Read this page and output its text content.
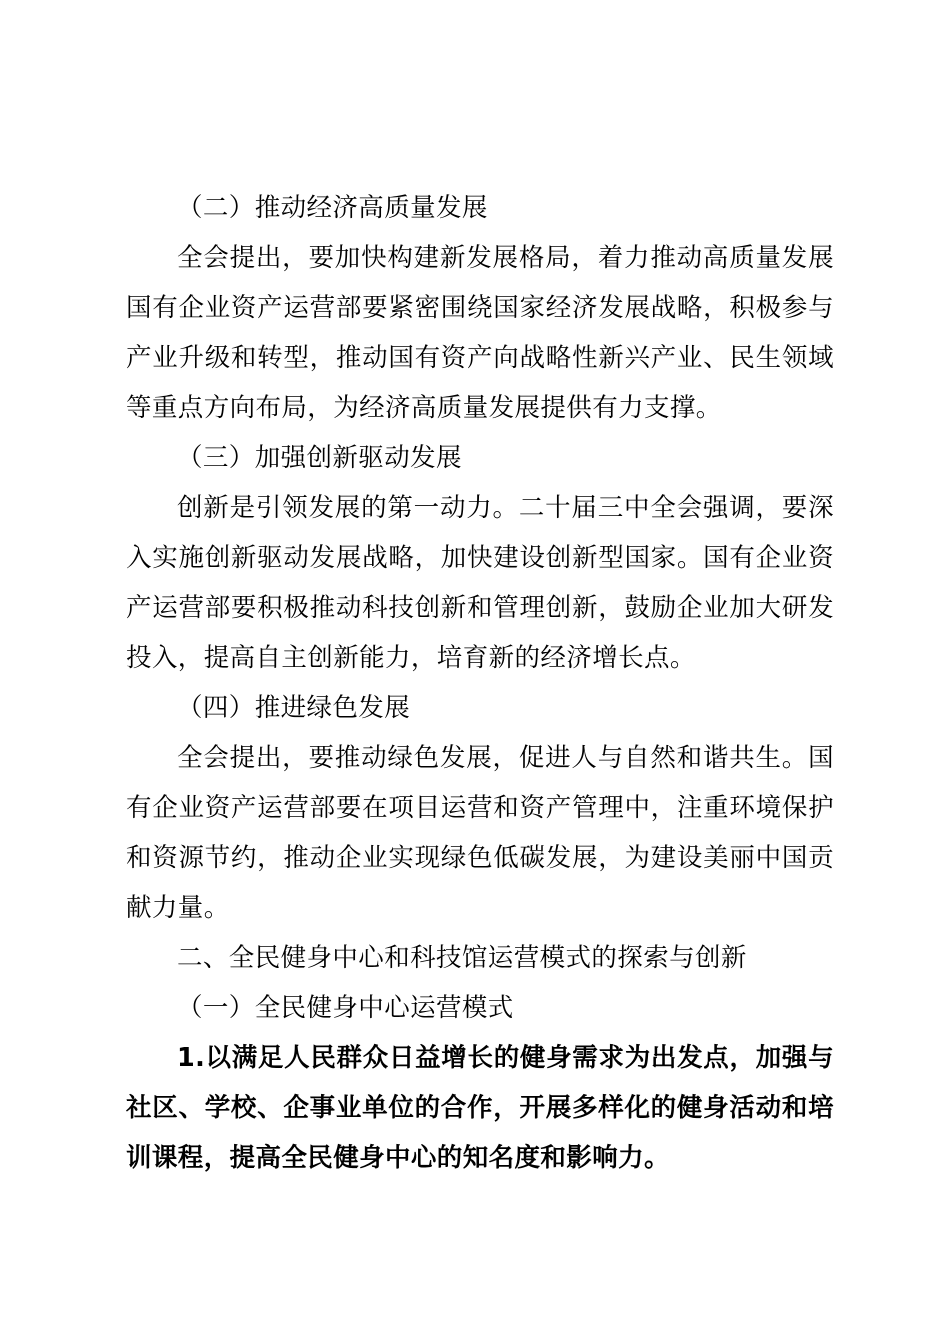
（二）推动经济高质量发展

全会提出，要加快构建新发展格局，着力推动高质量发展国有企业资产运营部要紧密围绕国家经济发展战略，积极参与产业升级和转型，推动国有资产向战略性新兴产业、民生领域等重点方向布局，为经济高质量发展提供有力支撑。

（三）加强创新驱动发展

创新是引领发展的第一动力。二十届三中全会强调，要深入实施创新驱动发展战略，加快建设创新型国家。国有企业资产运营部要积极推动科技创新和管理创新，鼓励企业加大研发投入，提高自主创新能力，培育新的经济增长点。

（四）推进绿色发展

全会提出，要推动绿色发展，促进人与自然和谐共生。国有企业资产运营部要在项目运营和资产管理中，注重环境保护和资源节约，推动企业实现绿色低碳发展，为建设美丽中国贡献力量。

二、全民健身中心和科技馆运营模式的探索与创新

（一）全民健身中心运营模式

1.以满足人民群众日益增长的健身需求为出发点，加强与社区、学校、企事业单位的合作，开展多样化的健身活动和培训课程，提高全民健身中心的知名度和影响力。
